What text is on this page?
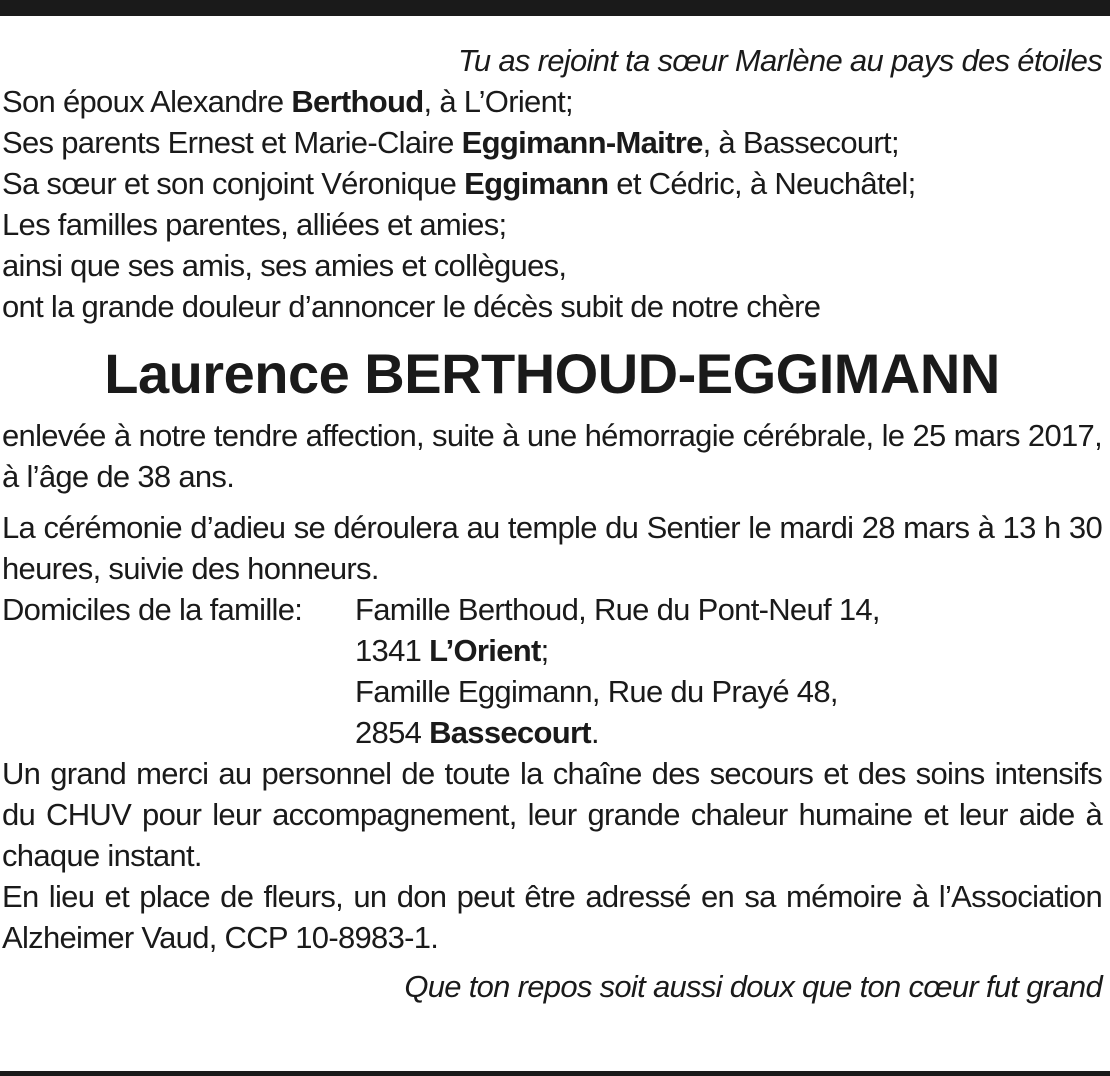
Tu as rejoint ta sœur Marlène au pays des étoiles
Son époux Alexandre Berthoud, à L’Orient;
Ses parents Ernest et Marie-Claire Eggimann-Maitre, à Bassecourt;
Sa sœur et son conjoint Véronique Eggimann et Cédric, à Neuchâtel;
Les familles parentes, alliées et amies;
ainsi que ses amis, ses amies et collègues,
ont la grande douleur d’annoncer le décès subit de notre chère
Laurence BERTHOUD-EGGIMANN
enlevée à notre tendre affection, suite à une hémorragie cérébrale, le 25 mars 2017, à l’âge de 38 ans.
La cérémonie d’adieu se déroulera au temple du Sentier le mardi 28 mars à 13 h 30 heures, suivie des honneurs.
Domiciles de la famille:	Famille Berthoud, Rue du Pont-Neuf 14,
1341 L’Orient;
Famille Eggimann, Rue du Prayé 48,
2854 Bassecourt.
Un grand merci au personnel de toute la chaîne des secours et des soins intensifs du CHUV pour leur accompagnement, leur grande chaleur humaine et leur aide à chaque instant.
En lieu et place de fleurs, un don peut être adressé en sa mémoire à l’Association Alzheimer Vaud, CCP 10-8983-1.
Que ton repos soit aussi doux que ton cœur fut grand
